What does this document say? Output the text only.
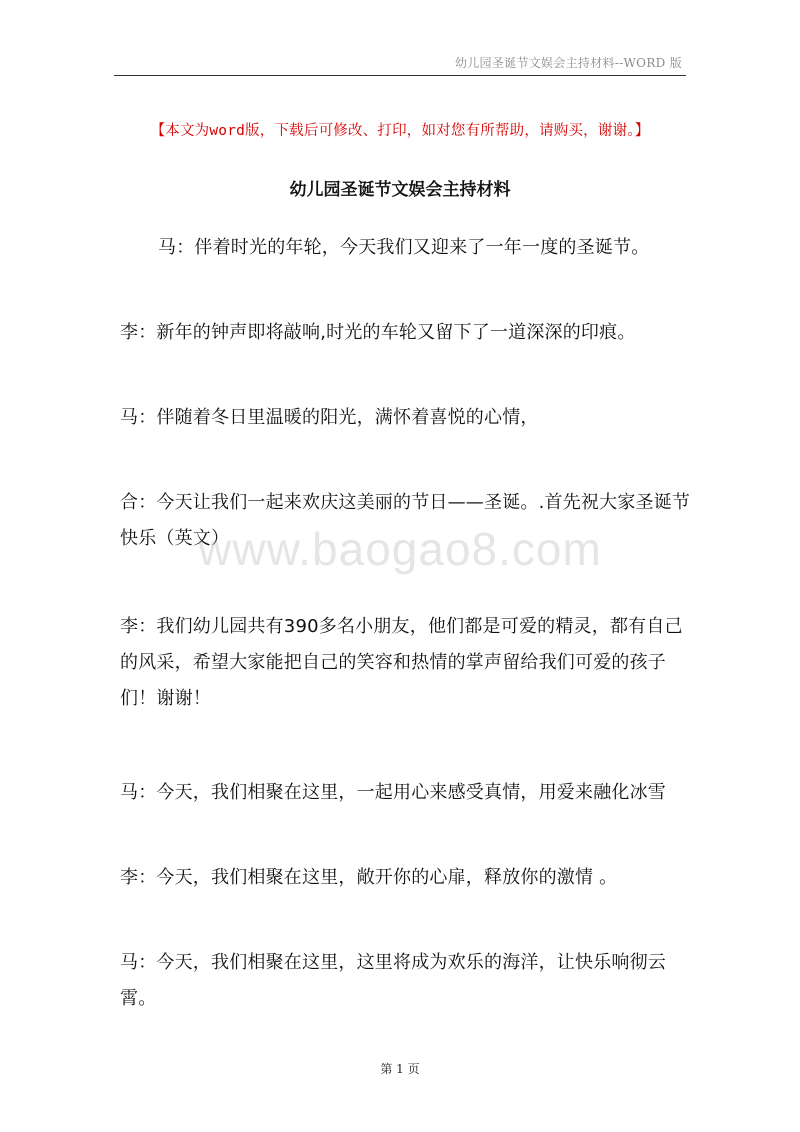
幼儿园圣诞节文娱会主持材料--WORD 版
【本文为word版，下载后可修改、打印，如对您有所帮助，请购买，谢谢。】
幼儿园圣诞节文娱会主持材料
马：伴着时光的年轮，今天我们又迎来了一年一度的圣诞节。
李：新年的钟声即将敲响,时光的车轮又留下了一道深深的印痕。
马：伴随着冬日里温暖的阳光，满怀着喜悦的心情，
合：今天让我们一起来欢庆这美丽的节日——圣诞。.首先祝大家圣诞节快乐（英文）
李：我们幼儿园共有390多名小朋友，他们都是可爱的精灵，都有自己的风采，希望大家能把自己的笑容和热情的掌声留给我们可爱的孩子们！谢谢！
马：今天，我们相聚在这里，一起用心来感受真情，用爱来融化冰雪
李：今天，我们相聚在这里，敞开你的心扉，释放你的激情 。
马：今天，我们相聚在这里，这里将成为欢乐的海洋，让快乐响彻云霄。
www.baogao8.com
第 1 页
